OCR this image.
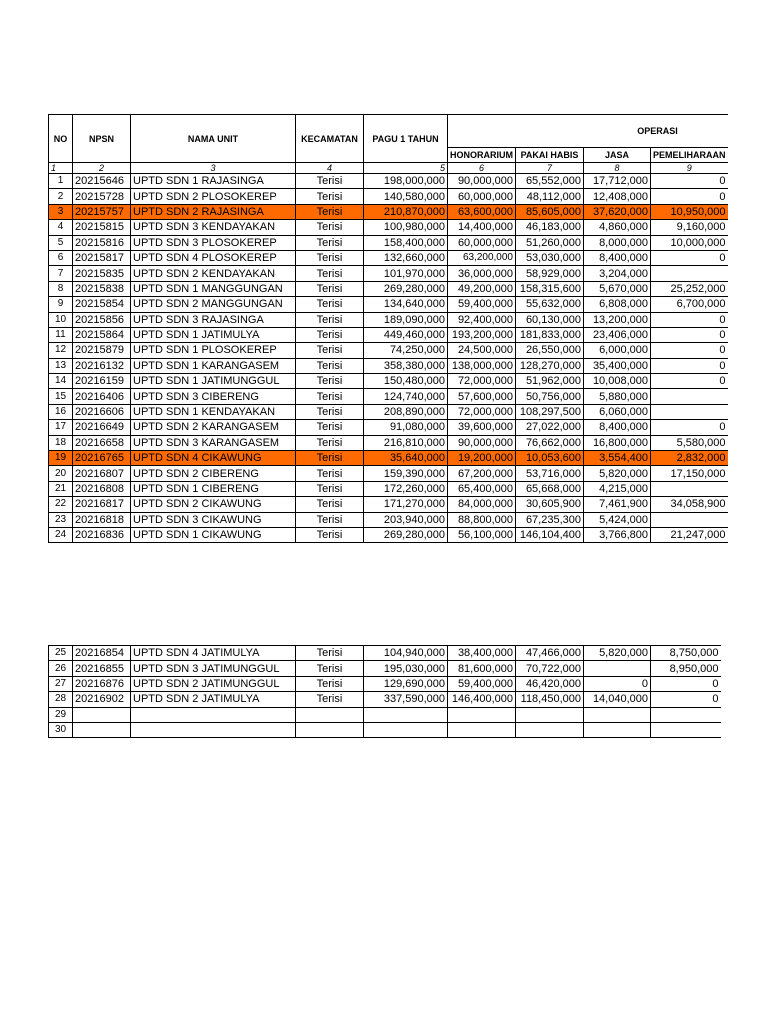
NO	NPSN	NAMA UNIT	KECAMATAN	PAGU 1 TAHUN	OPERASI			
					HONORARIUM	PAKAI HABIS	JASA	PEMELIHARAAN
1	2	3	4	5	6	7	8	9
1	20215646	UPTD SDN 1 RAJASINGA	Terisi	198,000,000	90,000,000	65,552,000	17,712,000	0
2	20215728	UPTD SDN 2 PLOSOKEREP	Terisi	140,580,000	60,000,000	48,112,000	12,408,000	0
3	20215757	UPTD SDN 2 RAJASINGA	Terisi	210,870,000	63,600,000	85,605,000	37,620,000	10,950,000
4	20215815	UPTD SDN 3 KENDAYAKAN	Terisi	100,980,000	14,400,000	46,183,000	4,860,000	9,160,000
5	20215816	UPTD SDN 3 PLOSOKEREP	Terisi	158,400,000	60,000,000	51,260,000	8,000,000	10,000,000
6	20215817	UPTD SDN 4 PLOSOKEREP	Terisi	132,660,000	63,200,000	53,030,000	8,400,000	0
7	20215835	UPTD SDN 2 KENDAYAKAN	Terisi	101,970,000	36,000,000	58,929,000	3,204,000	
8	20215838	UPTD SDN 1 MANGGUNGAN	Terisi	269,280,000	49,200,000	158,315,600	5,670,000	25,252,000
9	20215854	UPTD SDN 2 MANGGUNGAN	Terisi	134,640,000	59,400,000	55,632,000	6,808,000	6,700,000
10	20215856	UPTD SDN 3 RAJASINGA	Terisi	189,090,000	92,400,000	60,130,000	13,200,000	0
11	20215864	UPTD SDN 1 JATIMULYA	Terisi	449,460,000	193,200,000	181,833,000	23,406,000	0
12	20215879	UPTD SDN 1 PLOSOKEREP	Terisi	74,250,000	24,500,000	26,550,000	6,000,000	0
13	20216132	UPTD SDN 1 KARANGASEM	Terisi	358,380,000	138,000,000	128,270,000	35,400,000	0
14	20216159	UPTD SDN 1 JATIMUNGGUL	Terisi	150,480,000	72,000,000	51,962,000	10,008,000	0
15	20216406	UPTD SDN 3 CIBERENG	Terisi	124,740,000	57,600,000	50,756,000	5,880,000	
16	20216606	UPTD SDN 1 KENDAYAKAN	Terisi	208,890,000	72,000,000	108,297,500	6,060,000	
17	20216649	UPTD SDN 2 KARANGASEM	Terisi	91,080,000	39,600,000	27,022,000	8,400,000	0
18	20216658	UPTD SDN 3 KARANGASEM	Terisi	216,810,000	90,000,000	76,662,000	16,800,000	5,580,000
19	20216765	UPTD SDN 4 CIKAWUNG	Terisi	35,640,000	19,200,000	10,053,600	3,554,400	2,832,000
20	20216807	UPTD SDN 2 CIBERENG	Terisi	159,390,000	67,200,000	53,716,000	5,820,000	17,150,000
21	20216808	UPTD SDN 1 CIBERENG	Terisi	172,260,000	65,400,000	65,668,000	4,215,000	
22	20216817	UPTD SDN 2 CIKAWUNG	Terisi	171,270,000	84,000,000	30,605,900	7,461,900	34,058,900
23	20216818	UPTD SDN 3 CIKAWUNG	Terisi	203,940,000	88,800,000	67,235,300	5,424,000	
24	20216836	UPTD SDN 1 CIKAWUNG	Terisi	269,280,000	56,100,000	146,104,400	3,766,800	21,247,000
25	20216854	UPTD SDN 4 JATIMULYA	Terisi	104,940,000	38,400,000	47,466,000	5,820,000	8,750,000
26	20216855	UPTD SDN 3 JATIMUNGGUL	Terisi	195,030,000	81,600,000	70,722,000		8,950,000
27	20216876	UPTD SDN 2 JATIMUNGGUL	Terisi	129,690,000	59,400,000	46,420,000	0	0
28	20216902	UPTD SDN 2 JATIMULYA	Terisi	337,590,000	146,400,000	118,450,000	14,040,000	0
29								
30								
